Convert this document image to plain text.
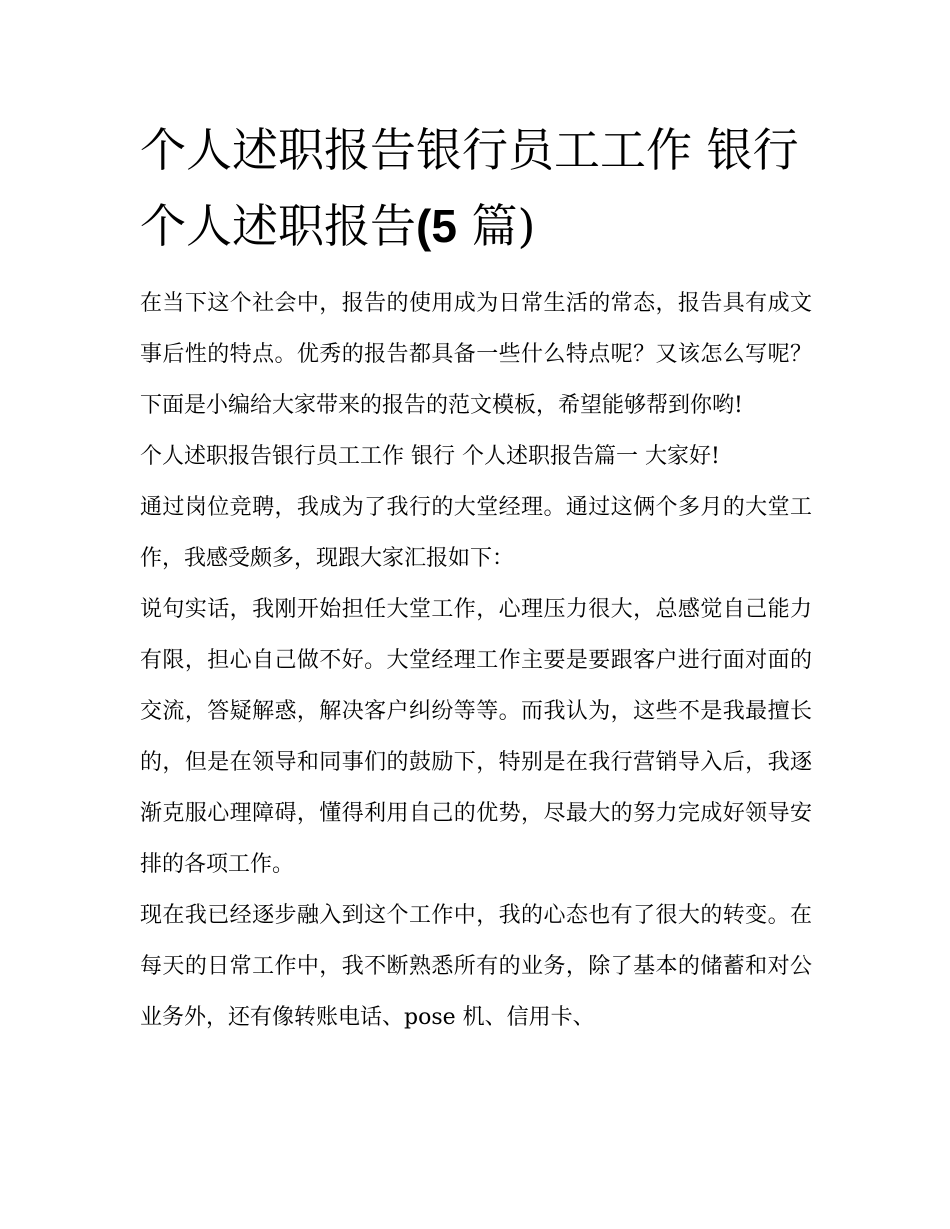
个人述职报告银行员工工作 银行 个人述职报告(5 篇)

在当下这个社会中，报告的使用成为日常生活的常态，报告具有成文事后性的特点。优秀的报告都具备一些什么特点呢？又该怎么写呢？下面是小编给大家带来的报告的范文模板，希望能够帮到你哟!

个人述职报告银行员工工作 银行 个人述职报告篇一 大家好!

通过岗位竞聘，我成为了我行的大堂经理。通过这俩个多月的大堂工作，我感受颇多，现跟大家汇报如下：

说句实话，我刚开始担任大堂工作，心理压力很大，总感觉自己能力有限，担心自己做不好。大堂经理工作主要是要跟客户进行面对面的交流，答疑解惑，解决客户纠纷等等。而我认为，这些不是我最擅长的，但是在领导和同事们的鼓励下，特别是在我行营销导入后，我逐渐克服心理障碍，懂得利用自己的优势，尽最大的努力完成好领导安排的各项工作。

现在我已经逐步融入到这个工作中，我的心态也有了很大的转变。在每天的日常工作中，我不断熟悉所有的业务，除了基本的储蓄和对公业务外，还有像转账电话、pose 机、信用卡、
